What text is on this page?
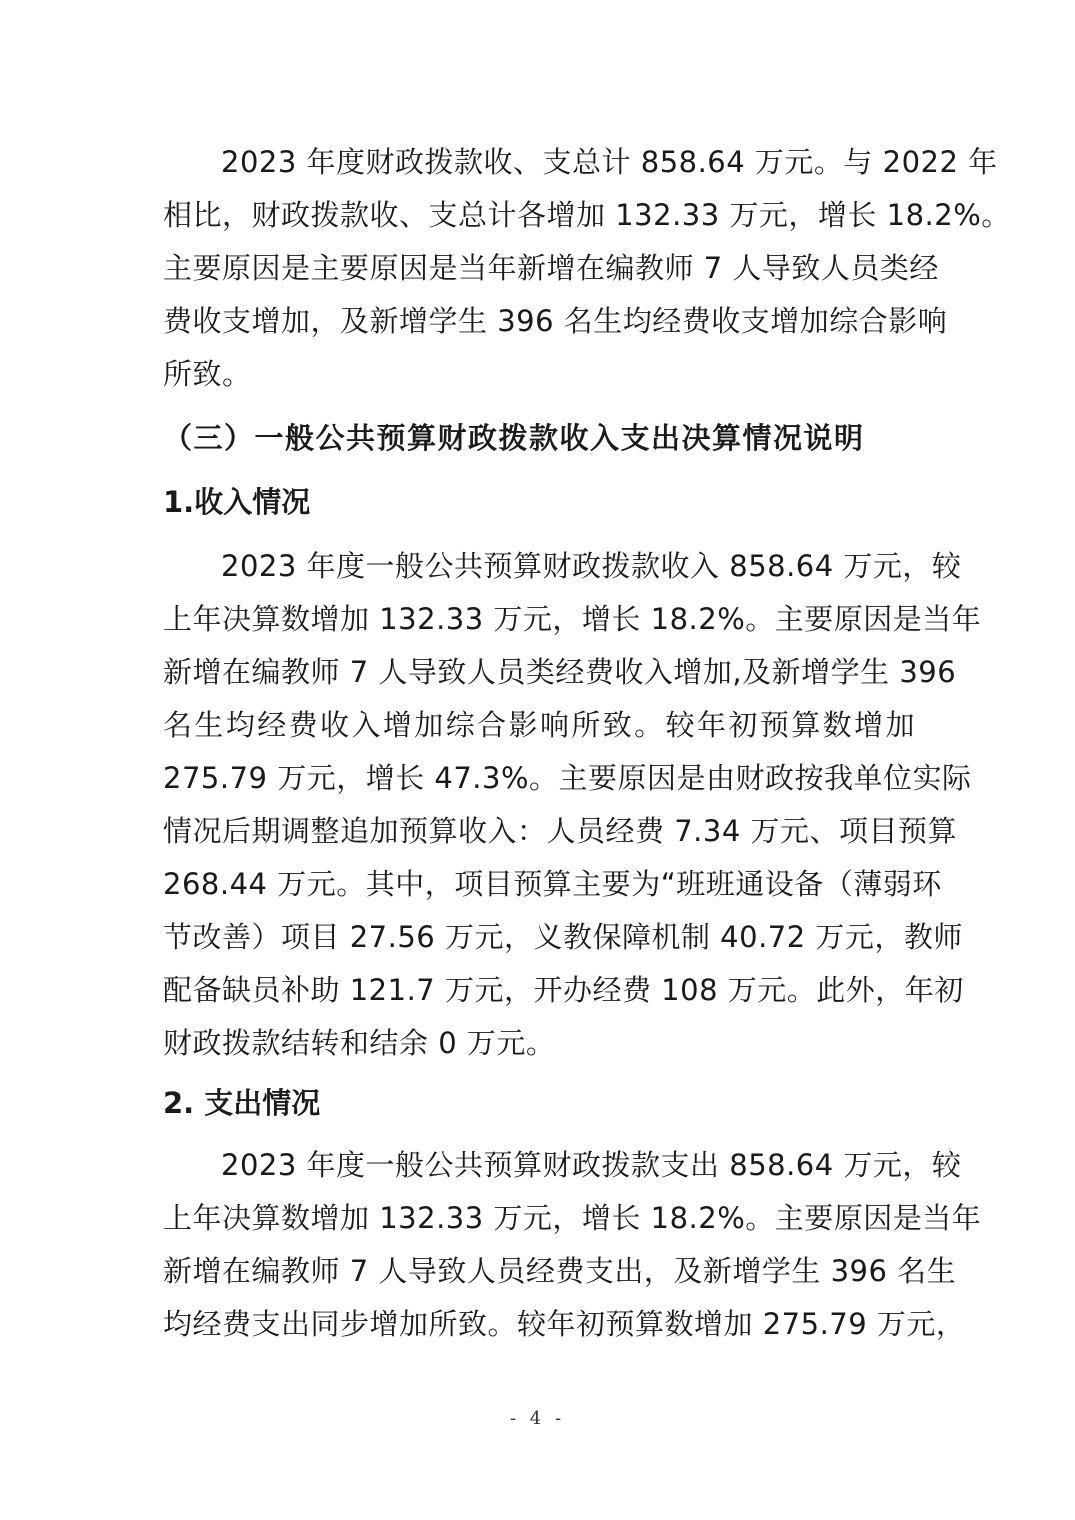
2023 年度财政拨款收、支总计 858.64 万元。与 2022 年
相比，财政拨款收、支总计各增加 132.33 万元，增长 18.2%。
主要原因是主要原因是当年新增在编教师 7 人导致人员类经
费收支增加，及新增学生 396 名生均经费收支增加综合影响
所致。
（三）一般公共预算财政拨款收入支出决算情况说明
1.收入情况
2023 年度一般公共预算财政拨款收入 858.64 万元，较
上年决算数增加 132.33 万元，增长 18.2%。主要原因是当年
新增在编教师 7 人导致人员类经费收入增加,及新增学生 396
名生均经费收入增加综合影响所致。较年初预算数增加
275.79 万元，增长 47.3%。主要原因是由财政按我单位实际
情况后期调整追加预算收入：人员经费 7.34 万元、项目预算
268.44 万元。其中，项目预算主要为“班班通设备（薄弱环
节改善）项目 27.56 万元，义教保障机制 40.72 万元，教师
配备缺员补助 121.7 万元，开办经费 108 万元。此外，年初
财政拨款结转和结余 0 万元。
2. 支出情况
2023 年度一般公共预算财政拨款支出 858.64 万元，较
上年决算数增加 132.33 万元，增长 18.2%。主要原因是当年
新增在编教师 7 人导致人员经费支出，及新增学生 396 名生
均经费支出同步增加所致。较年初预算数增加 275.79 万元，
- 4 -
